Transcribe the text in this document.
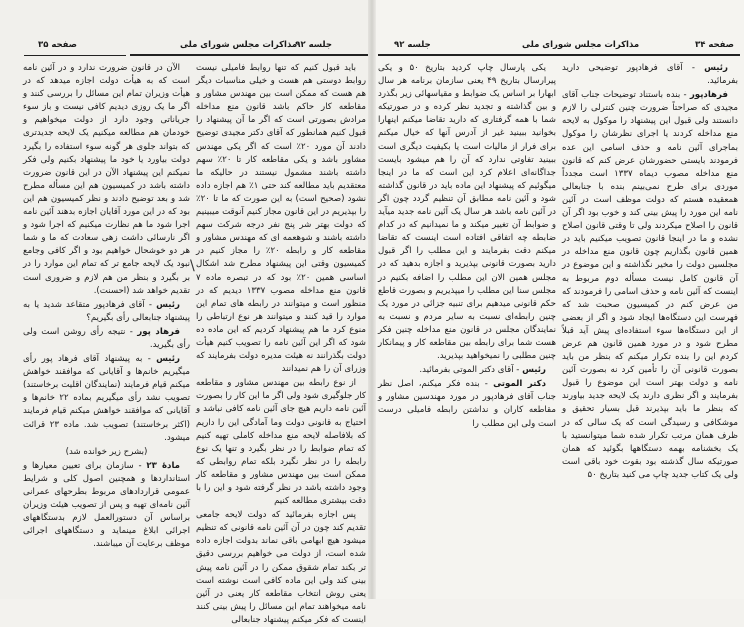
جلسه ۹۲
مذاکرات مجلس شورای ملی
صفحه ۳۵

باید قبول کنیم که تنها روابط فامیلی نیست روابط دوستی هم هست و خیلی مناسبات دیگر هم هست که ممکن است بین مهندس مشاور و مقاطعه کار حاکم باشد قانون منع مداخله مرادش بصورتی است که اگر ما آن پیشنهاد را قبول کنیم همانطور که آقای دکتر مجیدی توضیح دادند آن مورد ۲۰٪ است که اگر یکی مهندس مشاور باشد و یکی مقاطعه کار تا ۲۰٪ سهم داشته باشند مشمول نیستند در حالیکه ما معتقدیم باید مطالعه کند حتی ۱٪ هم اجازه داده نشود (صحیح است) به این صورت که ما تا ۲۰٪ را بپذیریم در این قانون مجاز کنیم آنوقت میبینیم که دولت بهتر شر پنج نفر درجه شرکت سهم داشته باشند و شوهعمه ای که مهندس مشاور و مقاطعه کار و رابطه ۲۰٪ را مجاز کنیم در کمیسیون وقتی این پیشنهاد مطرح شد اشکال اساسی همین ۲۰٪ بود که در تبصره ماده ۷ قانون منع مداخله مصوب ۱۳۳۷ دیدیم که در منظور است و میتوانند در رابطه های تمام این موارد را قید کنند و میتوانند هر نوع ارتباطی را منوع کرد ما هم پیشنهاد کردیم که این ماده ده شود که اگر این آئین نامه را تصویب کنیم هیأت دولت بگذرانند نه هیئت مدیره دولت بفرمایند که وزرای آن را هم نمیدانند

از نوع رابطه بین مهندس مشاور و مقاطعه کار جلوگیری شود ولی اگر ما این کار را بصورت آئین نامه داریم هیچ جای آئین نامه کافی نباشد و احتیاج به قانونی دولت وما آمادگی این را داریم که بلافاصله لایحه منع مداخله کاملی تهیه کنیم که تمام ضوابط را در نظر بگیرد و تنها یک نوع رابطه را در نظر نگیرد بلکه تمام روابطی که ممکن است بین مهندس مشاور و مقاطعه کار وجود داشته باشد در نظر گرفته شود و این را با دقت بیشتری مطالعه کنیم

پس اجازه بفرمائید که دولت لایحه جامعی تقدیم کند چون در آن آئین نامه قانونی که تنظیم میشود هیچ ابهامی باقی نماند بدولت اجازه داده شده است، از دولت می خواهیم بررسی دقیق تر بکند تمام شقوق ممکن را در آئین نامه پیش بینی کند ولی این ماده کافی است نوشته است یعنی روش انتخاب مقاطعه کار یعنی در آئین نامه میخواهند تمام این مسائل را پیش بینی کنند اینست که فکر میکنم پیشنهاد جنابعالی

الآن در قانون ضرورت ندارد و در آئین نامه است که به هیأت دولت اجازه میدهد که در هیأت وزیران تمام این مسائل را بررسی کنند و اگر ما یک روزی دیدیم کافی نیست و باز سوء جریاناتی وجود دارد از دولت میخواهیم و خودمان هم مطالعه میکنیم یک لایحه جدیدتری که بتواند جلوی هر گونه سوء استفاده را بگیرد دولت بیاورد یا خود ما پیشنهاد بکنیم ولی فکر نمیکنم این پیشنهاد الآن در این قانون ضرورت داشته باشد در کمیسیون هم این مسأله مطرح شد و بعد توضیح دادند و نظر کمیسیون هم این بود که در این مورد آقایان اجازه بدهند آئین نامه اجرا شود ما هم نظارت میکنیم که اجرا شود و اگر نارسائی داشت زهی سعادت که ما و شما هر دو خوشحال خواهیم بود و اگر کافی وجامع نبود یک لایحه جامع تر که تمام این موارد را در بر بگیرد و بنظر من هم لازم و ضروری است تقدیم خواهد شد (احسنت).

رئیس - آقای فرهادپور متقاعد شدید یا به پیشنهاد جنابعالی رأی بگیریم؟

فرهاد پور - نتیجه رأی روشن است ولی رأی بگیرید.

رئیس - به پیشنهاد آقای فرهاد پور رأی میگیریم خانم‌ها و آقایانی که موافقند خواهش میکنم قیام فرمایند (نمایندگان اقلیت برخاستند) تصویب نشد رأی میگیریم بماده ۲۲ خانم‌ها و آقایانی که موافقند خواهش میکنم قیام فرمایند (اکثر برخاستند) تصویب شد. ماده ۲۳ قرائت میشود.

(بشرح زیر خوانده شد)

مادهٔ ۲۳ - سازمان برای تعیین معیارها و استانداردها و همچنین اصول کلی و شرایط عمومی قراردادهای مربوط بطرحهای عمرانی آئین نامه‌ای تهیه و پس از تصویب هیئت وزیران براساس آن دستورالعمل لازم بدستگاههای اجرائی ابلاغ مینماید و دستگاههای اجرائی موظف برعایت آن میباشند.

\
صفحه ۳۴
مذاکرات مجلس شورای ملی
جلسه ۹۲

رئیس - آقای فرهادپور توضیحی دارید بفرمائید.

فرهادپور - بنده باستناد توضیحات جناب آقای مجیدی که صراحتاً ضرورت چنین کنترلی را لازم دانستند ولی قبول این پیشنهاد را موکول به لایحه منع مداخله کردند یا اجرای نظرشان را موکول بماجرای آئین نامه و حذف اسامی این عده فرمودند بایستی حضورشان عرض کنم که قانون منع مداخله مصوب دیماه ۱۳۳۷ است مجدداً موردی برای طرح نمی‌بینم بنده با جنابعالی همعقیده هستم که دولت موظف است در آئین نامه این مورد را پیش بینی کند و خوب بود اگر آن قانون را اصلاح میکردند ولی تا وقتی قانون اصلاح نشده و ما در اینجا قانون تصویب میکنیم باید در همین قانون بگذاریم چون قانون منع مداخله در مجلسین دولت را مخیر نگذاشته و این موضوع در آن قانون کامل نیست مسأله دوم مربوط به اینست که آئین نامه و حذف اسامی را فرمودند که من عرض کنم در کمیسیون صحبت شد که فهرست این دستگاه‌ها ایجاد شود و اگر از بعضی از این دستگاه‌ها سوء استفاده‌ای پیش آید قبلاً مطرح شود و در مورد همین قانون هم عرض کردم این را بنده تکرار میکنم که بنظر من باید بصورت قانونی آن را تأمین کرد نه بصورت آئین نامه و دولت بهتر است این موضوع را قبول بفرمایند و اگر نظری دارند یک لایحه جدید بیاورند که بنظر ما باید بپذیرند قبل بسیار تحقیق و موشکافی و رسیدگی است که یک سالی که در ظرف همان مرتب تکرار شده شما میتوانستید با یک بخشنامه بهمه دستگاهها بگوئید که همان صورتیکه سال گذشته بود بقوت خود باقی است ولی یک کتاب جدید چاپ می کنید بتاریخ ۵۰

یکی پارسال چاپ کردید بتاریخ ۵۰ و یکی پیرارسال بتاریخ ۴۹ یعنی سازمان برنامه هر سال ابهارا بر اساس یک ضوابط و مقیاسهائی زیر بگذرد و بین گذاشته و تجدید نظر کرده و در صورتیکه شما با همه گرفتاری که دارید تقاضا میکنم اینهارا بخوانید ببینید غیر از آدرس آنها که خیال میکنم برای فرار از مالیات است یا بکیفیت دیگری است ببینید تفاوتی ندارد که آن را هم میشود بایست جداگانه‌ای اعلام کرد این است که ما در اینجا میگوئیم که پیشنهاد این ماده باید در قانون گذاشته شود و آئین نامه مطابق آن تنظیم گردد چون اگر در آئین نامه باشد هر سال یک آئین نامه جدید میآید و ضوابط آن تغییر میکند و ما نمیدانیم که در کدام ضابطه چه اتفاقی افتاده است اینست که تقاضا میکنم دقت بفرمایند و این مطلب را اگر قبول دارید بصورت قانونی بپذیرید و اجازه بدهید که در مجلس همین الان این مطلب را اضافه بکنیم در مجلس سنا این مطلب را میپذیریم و بصورت قاطع حکم قانونی میدهیم برای تنبیه جزائی در مورد یک چنین رابطه‌ای نسبت به سایر مردم و نسبت به نمایندگان مجلس در قانون منع مداخله چنین فکر هست شما برای رابطه بین مقاطعه کار و پیمانکار چنین مطلبی را نمیخواهید بپذیرید.

رئیس - آقای دکتر الموتی بفرمائید.

دکتر الموتی - بنده فکر میکنم، اصل نظر جناب آقای فرهادپور در مورد مهندسین مشاور و مقاطعه کاران و نداشتن رابطه فامیلی درست است ولی این مطلب را
